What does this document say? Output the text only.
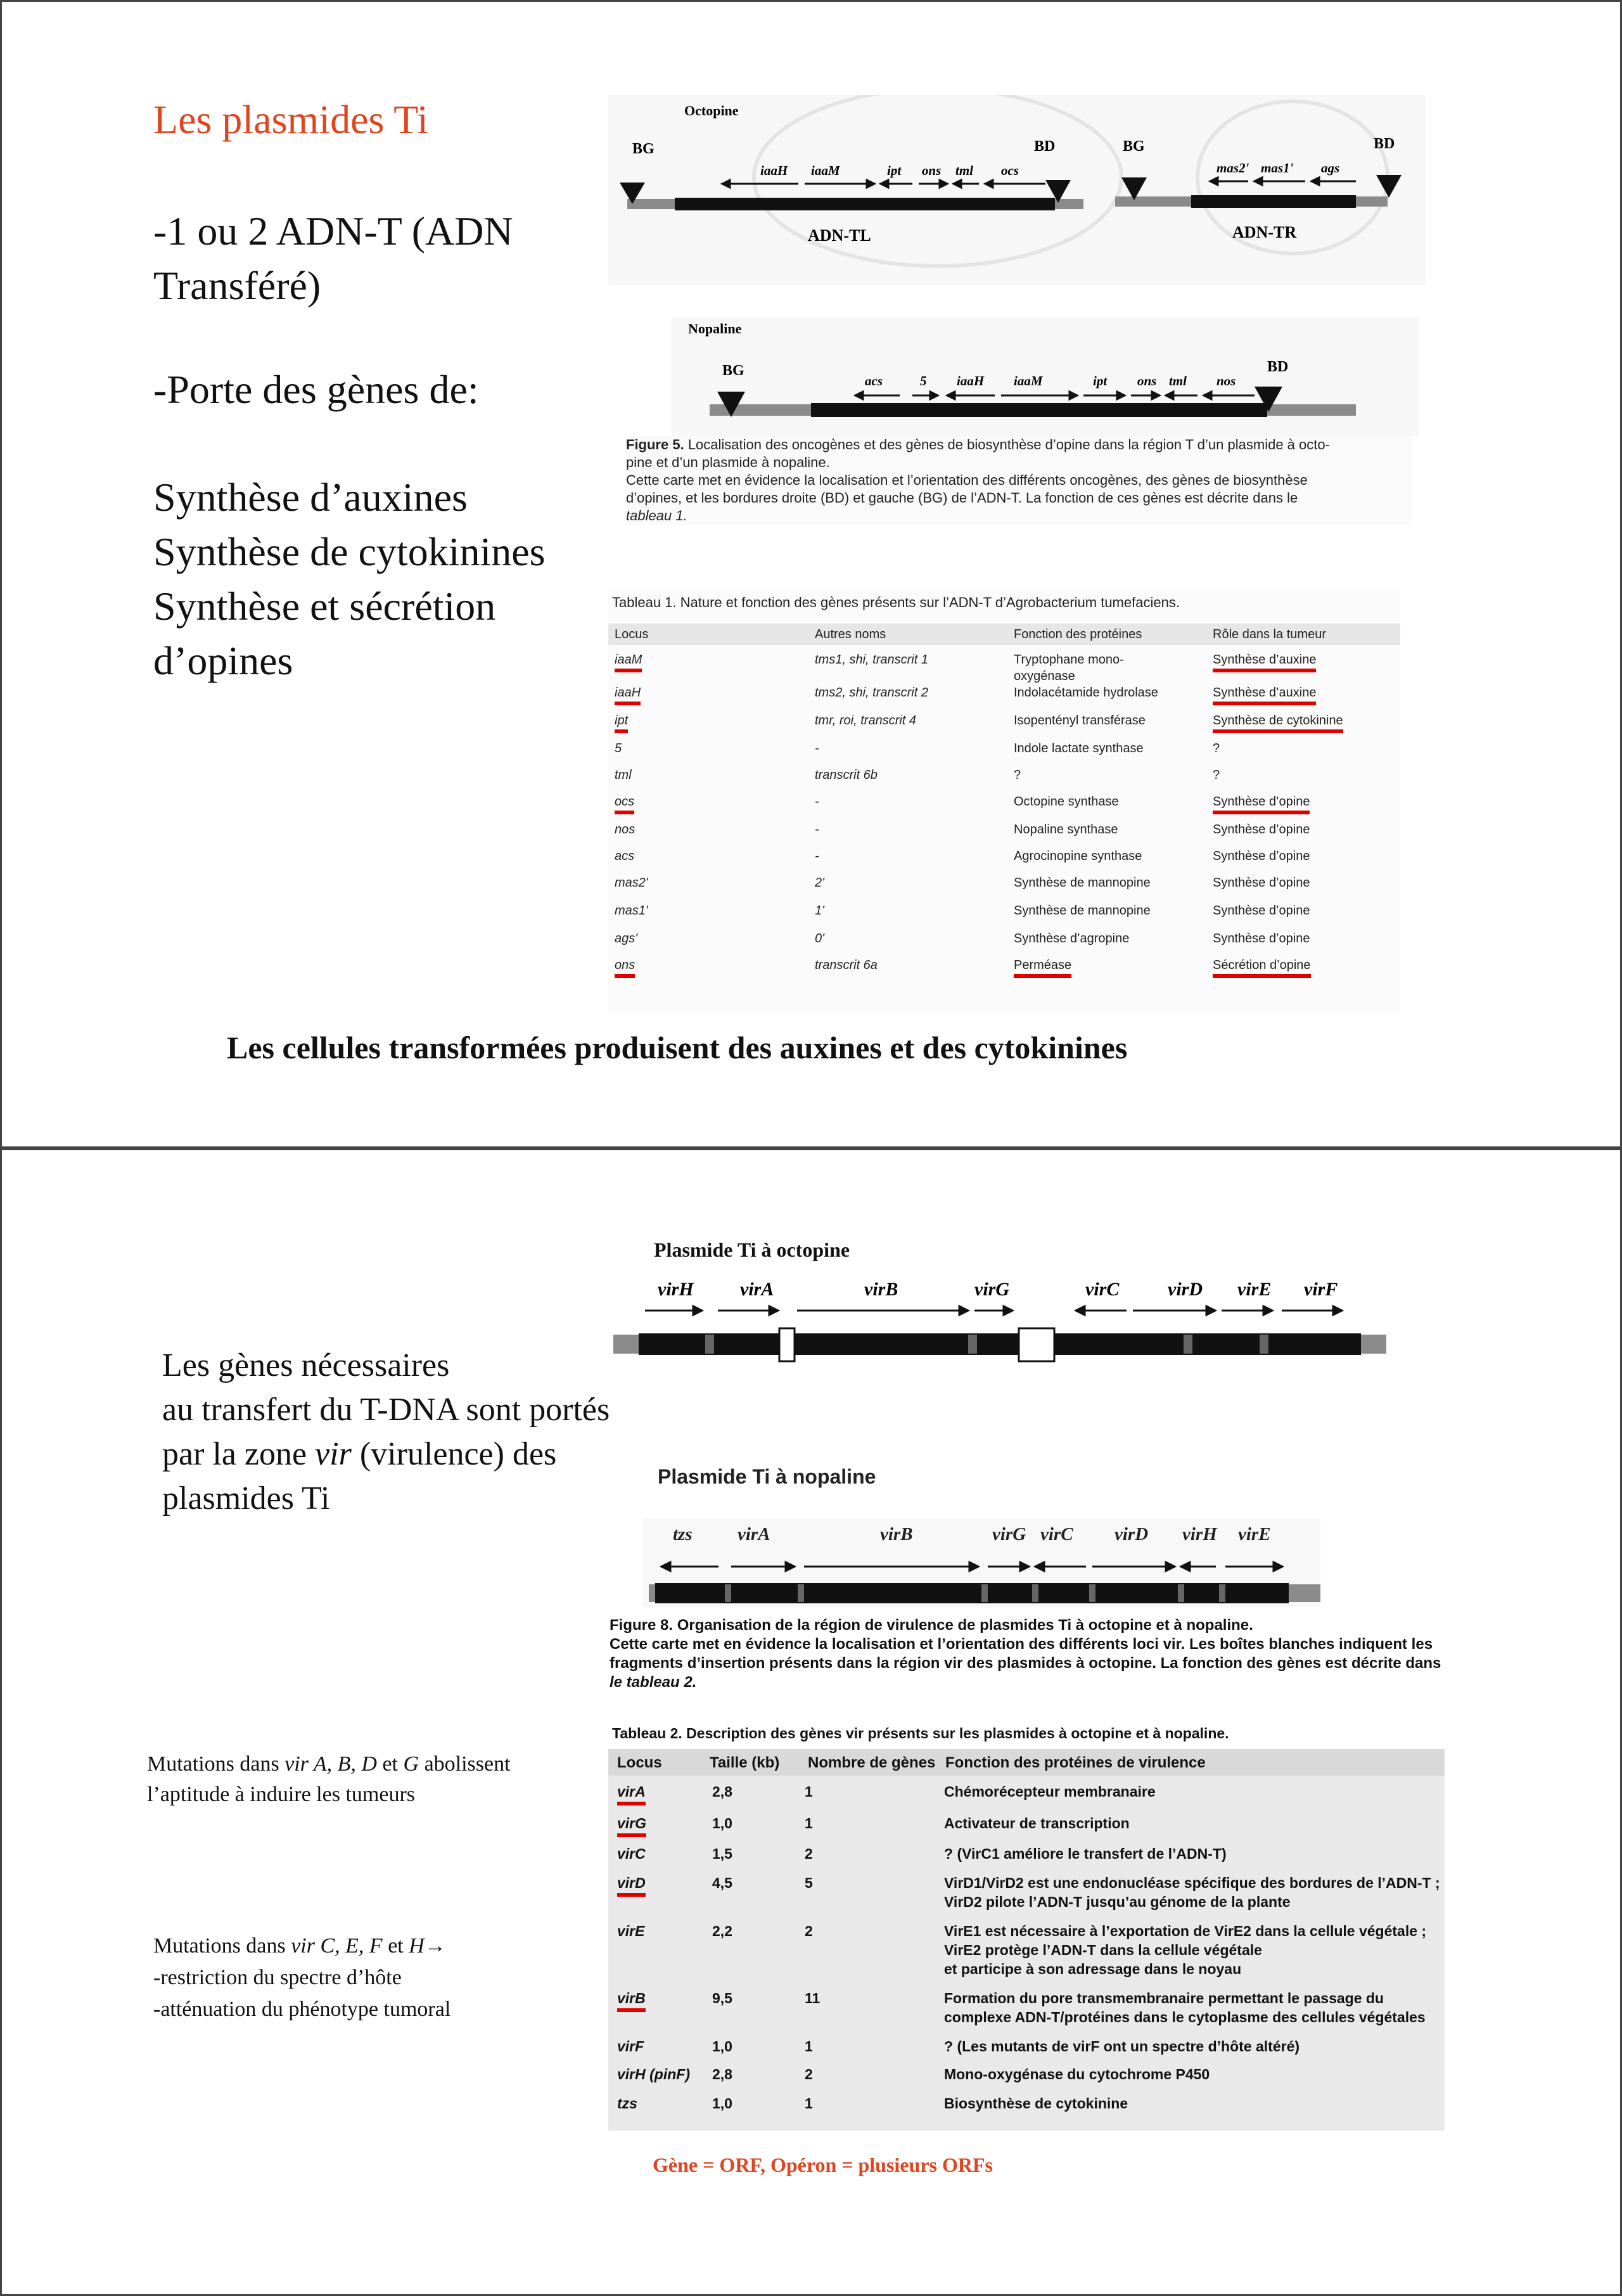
Les plasmides Ti
-1 ou 2 ADN-T (ADN Transféré)
-Porte des gènes de:
Synthèse d’auxines
Synthèse de cytokinines
Synthèse et sécrétion
d’opines
Octopine
BG	BD	BG	BD
iaaH iaaM	ipt ons tml ocs	mas2' mas1' ags
ADN-TL	ADN-TR
Nopaline
BG	BD
acs	5 iaaH iaaM	ipt ons tml nos
Figure 5. Localisation des oncogènes et des gènes de biosynthèse d’opine dans la région T d’un plasmide à octo-
pine et d’un plasmide à nopaline.
Cette carte met en évidence la localisation et l’orientation des différents oncogènes, des gènes de biosynthèse
d’opines, et les bordures droite (BD) et gauche (BG) de l’ADN-T. La fonction de ces gènes est décrite dans le
tableau 1.
Tableau 1. Nature et fonction des gènes présents sur l’ADN-T d’Agrobacterium tumefaciens.
Locus	Autres noms	Fonction des protéines	Rôle dans la tumeur
iaaM	tms1, shi, transcrit 1	Tryptophane mono-	Synthèse d’auxine
oxygénase
iaaH	tms2, shi, transcrit 2	Indolacétamide hydrolase	Synthèse d’auxine
ipt	tmr, roi, transcrit 4	Isopentényl transférase	Synthèse de cytokinine
5	-	Indole lactate synthase	?
tml	transcrit 6b	?	?
ocs	-	Octopine synthase	Synthèse d’opine
nos	-	Nopaline synthase	Synthèse d’opine
acs	-	Agrocinopine synthase	Synthèse d’opine
mas2'	2'	Synthèse de mannopine	Synthèse d’opine
mas1'	1'	Synthèse de mannopine	Synthèse d’opine
ags'	0'	Synthèse d’agropine	Synthèse d’opine
ons	transcrit 6a	Perméase	Sécrétion d’opine
Les cellules transformées produisent des auxines et des cytokinines
Plasmide Ti à octopine
virH virA	virB	virG	virC	virD virE virF
Les gènes nécessaires
au transfert du T-DNA sont portés
par la zone vir (virulence) des
plasmides Ti
Plasmide Ti à nopaline
tzs virA	virB	virG virC virD virH virE
Figure 8. Organisation de la région de virulence de plasmides Ti à octopine et à nopaline.
Cette carte met en évidence la localisation et l’orientation des différents loci vir. Les boîtes blanches indiquent les
fragments d’insertion présents dans la région vir des plasmides à octopine. La fonction des gènes est décrite dans
le tableau 2.
Mutations dans vir A, B, D et G abolissent
l’aptitude à induire les tumeurs
Mutations dans vir C, E, F et H→
-restriction du spectre d’hôte
-atténuation du phénotype tumoral
Tableau 2. Description des gènes vir présents sur les plasmides à octopine et à nopaline.
Locus	Taille (kb) Nombre de gènes Fonction des protéines de virulence
virA	2,8	1	Chémorécepteur membranaire
virG	1,0	1	Activateur de transcription
virC	1,5	2	? (VirC1 améliore le transfert de l’ADN-T)
virD	4,5	5	VirD1/VirD2 est une endonucléase spécifique des bordures de l’ADN-T ;
VirD2 pilote l’ADN-T jusqu’au génome de la plante
virE	2,2	2	VirE1 est nécessaire à l’exportation de VirE2 dans la cellule végétale ;
VirE2 protège l’ADN-T dans la cellule végétale
et participe à son adressage dans le noyau
virB	9,5	11	Formation du pore transmembranaire permettant le passage du
complexe ADN-T/protéines dans le cytoplasme des cellules végétales
virF	1,0	1	? (Les mutants de virF ont un spectre d’hôte altéré)
virH (pinF) 2,8	2	Mono-oxygénase du cytochrome P450
tzs	1,0	1	Biosynthèse de cytokinine
Gène = ORF, Opéron = plusieurs ORFs
